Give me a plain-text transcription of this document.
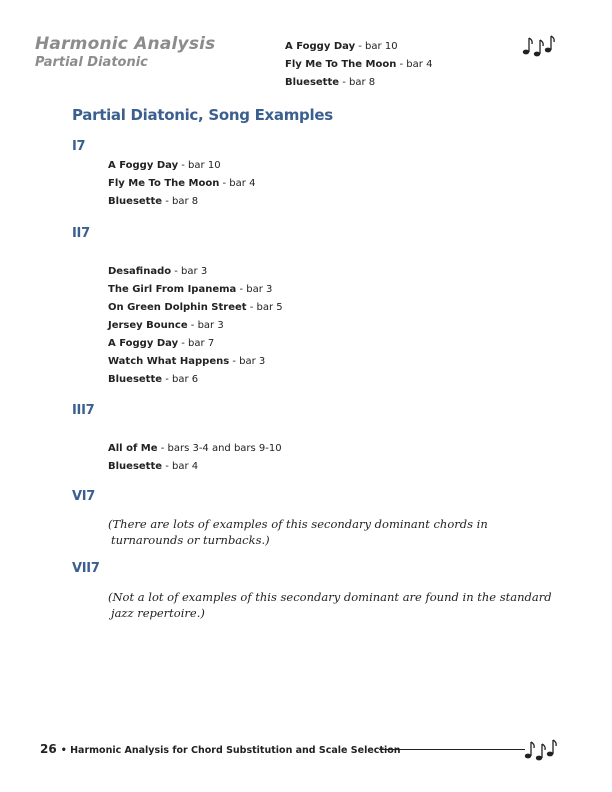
Harmonic Analysis
Partial Diatonic
A Foggy Day - bar 10
Fly Me To The Moon - bar 4
Bluesette - bar 8
Partial Diatonic, Song Examples
I7
A Foggy Day - bar 10
Fly Me To The Moon - bar 4
Bluesette - bar 8
II7
Desafinado - bar 3
The Girl From Ipanema - bar 3
On Green Dolphin Street - bar 5
Jersey Bounce - bar 3
A Foggy Day - bar 7
Watch What Happens - bar 3
Bluesette - bar 6
III7
All of Me - bars 3-4 and bars 9-10
Bluesette - bar 4
VI7
(There are lots of examples of this secondary dominant chords in
turnarounds or turnbacks.)
VII7
(Not a lot of examples of this secondary dominant are found in the standard
jazz repertoire.)
26 • Harmonic Analysis for Chord Substitution and Scale Selection
